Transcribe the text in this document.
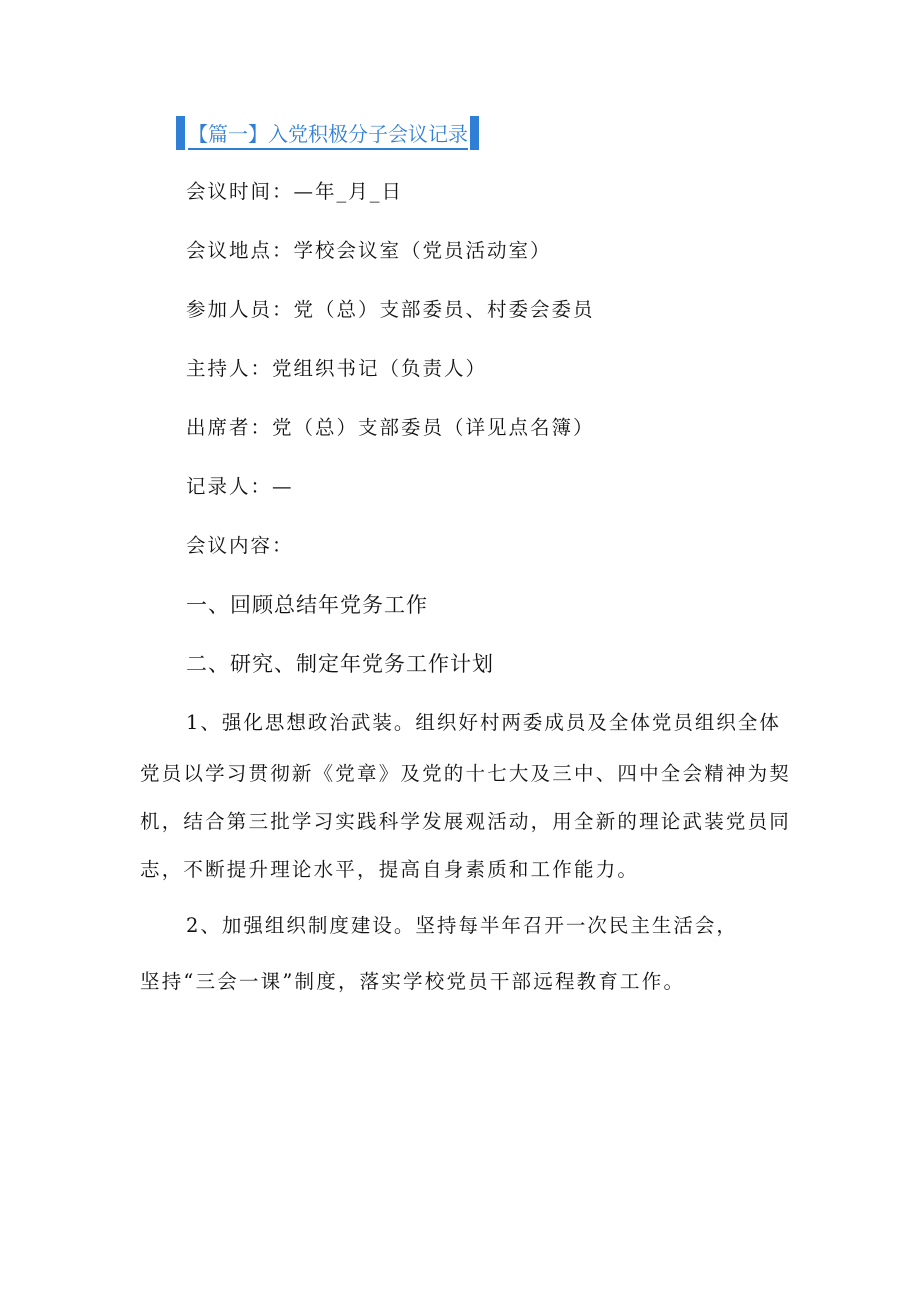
【篇一】入党积极分子会议记录
会议时间：—年_月_日
会议地点：学校会议室（党员活动室）
参加人员：党（总）支部委员、村委会委员
主持人：党组织书记（负责人）
出席者：党（总）支部委员（详见点名簿）
记录人：—
会议内容：
一、回顾总结年党务工作
二、研究、制定年党务工作计划
1、强化思想政治武装。组织好村两委成员及全体党员组织全体
党员以学习贯彻新《党章》及党的十七大及三中、四中全会精神为契
机，结合第三批学习实践科学发展观活动，用全新的理论武装党员同
志，不断提升理论水平，提高自身素质和工作能力。
2、加强组织制度建设。坚持每半年召开一次民主生活会，
坚持“三会一课”制度，落实学校党员干部远程教育工作。
